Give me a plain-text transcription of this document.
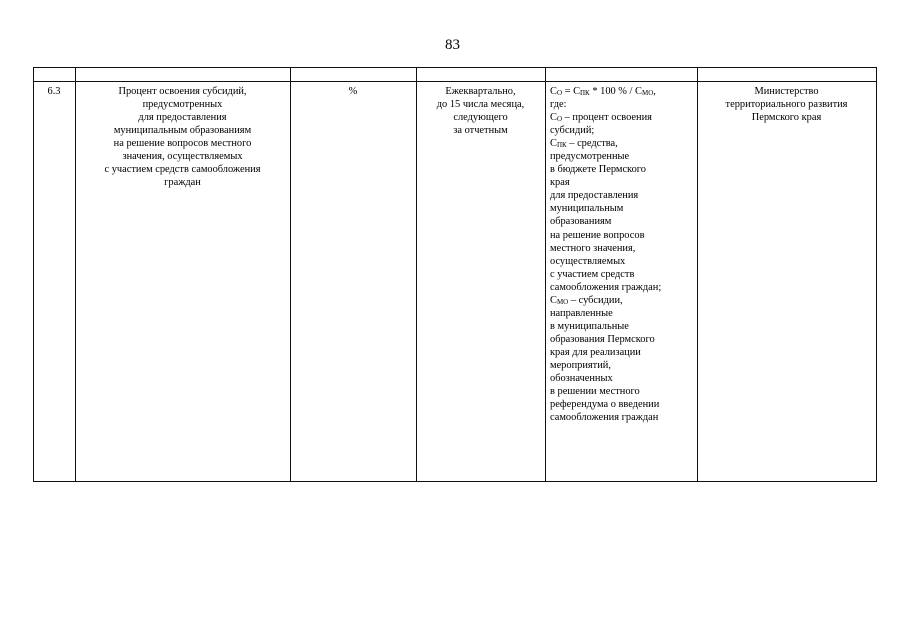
83
6.3	Процент освоения субсидий,
предусмотренных
для предоставления
муниципальным образованиям
на решение вопросов местного
значения, осуществляемых
с участием средств самообложения
граждан
%	Ежеквартально,
до 15 числа месяца,
следующего
за отчетным
$С_О = С_{ПК} * 100$ % / $С_{МО}$,
где:
$С_О$ – процент освоения
субсидий;
$С_{ПК}$ – средства,
предусмотренные
в бюджете Пермского
края
для предоставления
муниципальным
образованиям
на решение вопросов
местного значения,
осуществляемых
с участием средств
самообложения граждан;
$С_{МО}$ – субсидии,
направленные
в муниципальные
образования Пермского
края для реализации
мероприятий,
обозначенных
в решении местного
референдума о введении
самообложения граждан
Министерство
территориального развития
Пермского края
